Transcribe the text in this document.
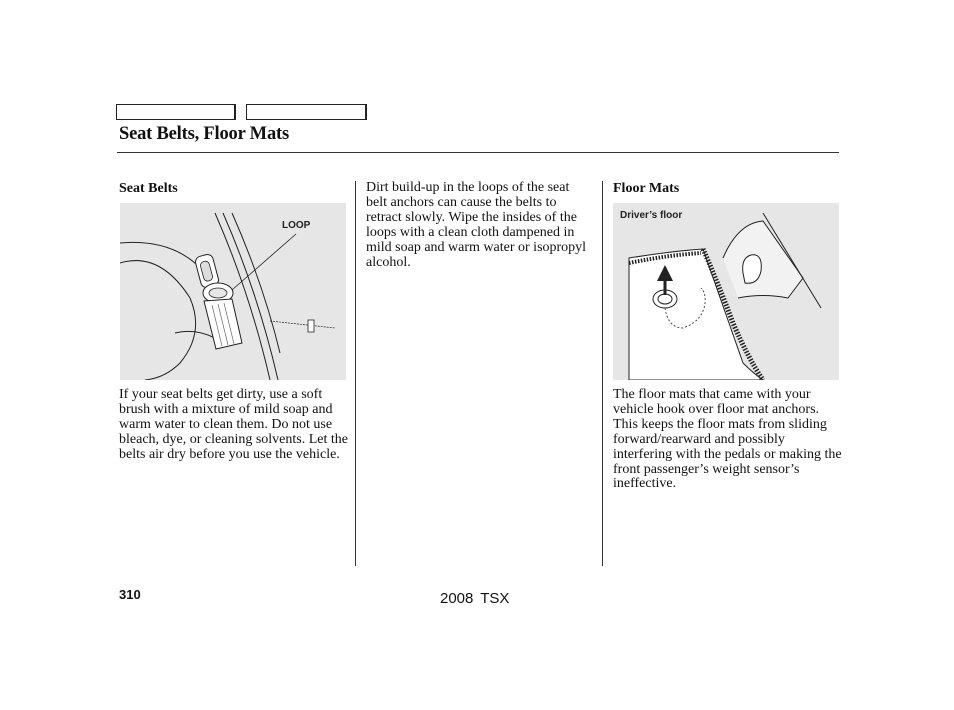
Seat Belts, Floor Mats
Seat Belts
LOOP

If your seat belts get dirty, use a soft brush with a mixture of mild soap and warm water to clean them. Do not use bleach, dye, or cleaning solvents. Let the belts air dry before you use the vehicle.

Dirt build-up in the loops of the seat belt anchors can cause the belts to retract slowly. Wipe the insides of the loops with a clean cloth dampened in mild soap and warm water or isopropyl alcohol.

Floor Mats
Driver’s floor

The floor mats that came with your vehicle hook over floor mat anchors. This keeps the floor mats from sliding forward/rearward and possibly interfering with the pedals or making the front passenger’s weight sensor’s ineffective.

310	2008 TSX
